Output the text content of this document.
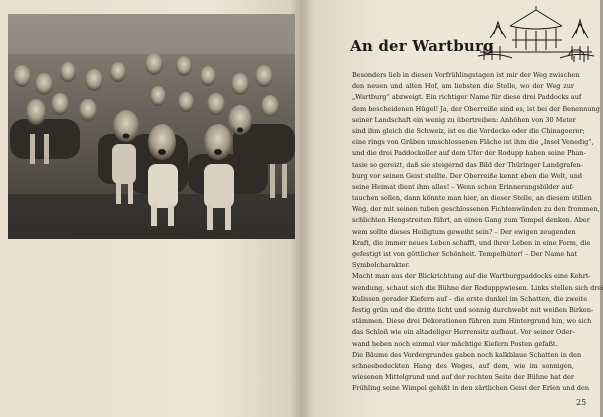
An der Wartburg
Besonders lieb in diesen Vorfrühlingstagen ist mir der Weg zwischen
den neuen und alten Hof, am liebsten die Stelle, wo der Weg zur
„Wartburg“ abzweigt. Ein richtiger Name für diese drei Paddocks auf
dem bescheidenen Hügel! Ja, der Oberreiße sind es, ist bei der Benennung
seiner Landschaft ein wenig zu übertreiben: Anhöhen von 30 Meter
sind ihm gleich die Schweiz, ist es die Vordecke oder die Chinagoerer;
eine rings von Gräben umschlossenen Fläche ist ihm die „Insel Venedig“,
und die drei Paddockoller auf dem Ufer der Rodupp haben seine Phan-
tasie so gereizt, daß sie steigernd das Bild der Thüringer Landgrafen-
burg vor seinen Geist stellte. Der Oberreiße kennt eben die Welt, und
seine Heimat dient ihm alles! – Wenn schon Erinnerungsbilder auf-
tauchen sollen, dann könnte man hier, an dieser Stelle, an diesem stillen
Weg, der mit seinen tuben geschlossenen Fichtenwänden zu den frommen,
schlichten Hengstreiten führt, an einen Gang zum Tempel denken. Aber
wem sollte dieses Heiligtum geweiht sein? – Der ewigen zeugenden
Kraft, die immer neues Leben schafft, und ihrer Leben in eine Form, die
gefestigt ist von göttlicher Schönheit. Tempelhüter! – Der Name hat
Symbolcharakter.
Macht man aus der Blickrichtung auf die Wartburgpaddocks eine Kehrt-
wendung, schaut sich die Bühne der Rodupppwiesen. Links stellen sich drei
Kulissen gerader Kiefern auf – die erste dunkel im Schatten, die zweite
festig grün und die dritte licht und sonnig durchwebt mit weißen Birken-
stämmen. Diese drei Dekorationen führen zum Hintergrund hin, wo sich
das Schloß wie ein altadeliger Herrensitz aufbaut. Vor seiner Oder-
wand heben noch einmal vier mächtige Kiefern Posten gefaßt.
Die Bäume des Vordergrundes gaben noch kalkblaue Schatten in den
schneebedeckten Hang des Weges, auf dem, wie im sonnigen,
wiesenen Mittelgrund und auf der rechten Seite der Bühne hat der
Frühling seine Wimpel gehißt in den zärtlichen Geist der Erlen und den
25
